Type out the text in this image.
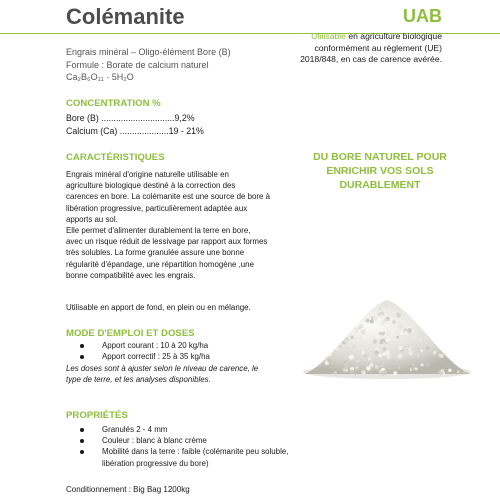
Colémanite	UAB
Utilisable en agriculture biologique
conformément au règlement (UE)
2018/848, en cas de carence avérée.
Engrais minéral – Oligo-élément Bore (B)
Formule : Borate de calcium naturel
Ca₂B₆O₁₁ · 5H₂O
CONCENTRATION %
Bore (B) ..............................9,2%
Calcium (Ca) ....................19 - 21%
CARACTÉRISTIQUES

Engrais minéral d'origine naturelle utilisable en

agriculture biologique destiné à la correction des

carences en bore. La colémanite est une source de bore à

libération progressive, particulièrement adaptée aux

apports au sol.

Elle permet d'alimenter durablement la terre en bore,

avec un risque réduit de lessivage par rapport aux formes

très solubles. La forme granulée assure une bonne

régularité d'épandage, une répartition homogène ,une

bonne compatibilité avec les engrais.

Utilisable en apport de fond, en plein ou en mélange.
DU BORE NATUREL POUR
ENRICHIR VOS SOLS
DURABLEMENT
MODE D'EMPLOI ET DOSES
Apport courant : 10 à 20 kg/ha
Apport correctif : 25 à 35 kg/ha
Les doses sont à ajuster selon le niveau de carence, le
type de terre, et les analyses disponibles.
PROPRIÉTÉS
Granulés 2 - 4 mm
Couleur : blanc à blanc crème
Mobilité dans la terre : faible (colémanite peu soluble, libération progressive du bore)
Conditionnement : Big Bag 1200kg
